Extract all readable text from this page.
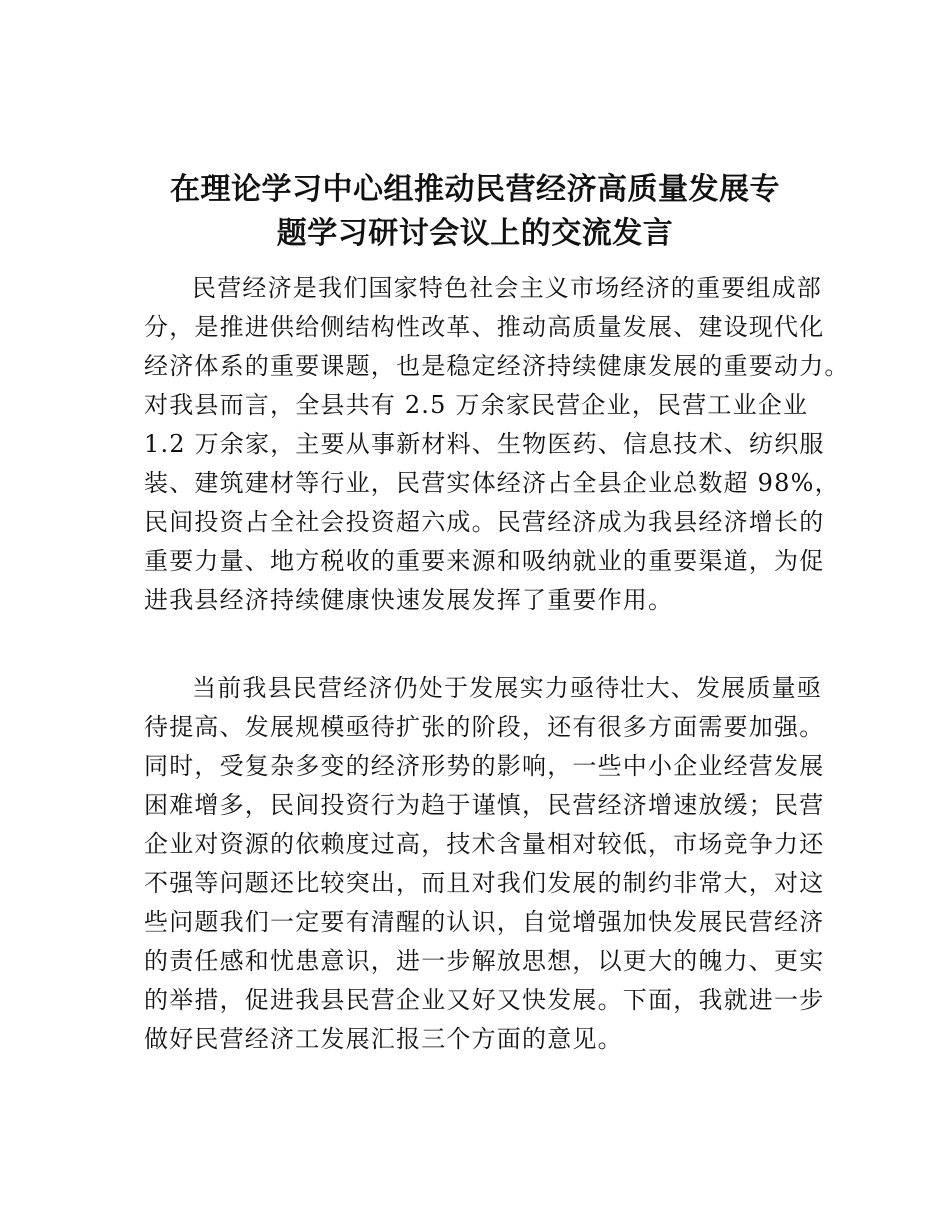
在理论学习中心组推动民营经济高质量发展专
题学习研讨会议上的交流发言
民营经济是我们国家特色社会主义市场经济的重要组成部
分，是推进供给侧结构性改革、推动高质量发展、建设现代化
经济体系的重要课题，也是稳定经济持续健康发展的重要动力。
对我县而言，全县共有 2.5 万余家民营企业，民营工业企业
1.2 万余家，主要从事新材料、生物医药、信息技术、纺织服
装、建筑建材等行业，民营实体经济占全县企业总数超 98%，
民间投资占全社会投资超六成。民营经济成为我县经济增长的
重要力量、地方税收的重要来源和吸纳就业的重要渠道，为促
进我县经济持续健康快速发展发挥了重要作用。
当前我县民营经济仍处于发展实力亟待壮大、发展质量亟
待提高、发展规模亟待扩张的阶段，还有很多方面需要加强。
同时，受复杂多变的经济形势的影响，一些中小企业经营发展
困难增多，民间投资行为趋于谨慎，民营经济增速放缓；民营
企业对资源的依赖度过高，技术含量相对较低，市场竞争力还
不强等问题还比较突出，而且对我们发展的制约非常大，对这
些问题我们一定要有清醒的认识，自觉增强加快发展民营经济
的责任感和忧患意识，进一步解放思想，以更大的魄力、更实
的举措，促进我县民营企业又好又快发展。下面，我就进一步
做好民营经济工发展汇报三个方面的意见。
